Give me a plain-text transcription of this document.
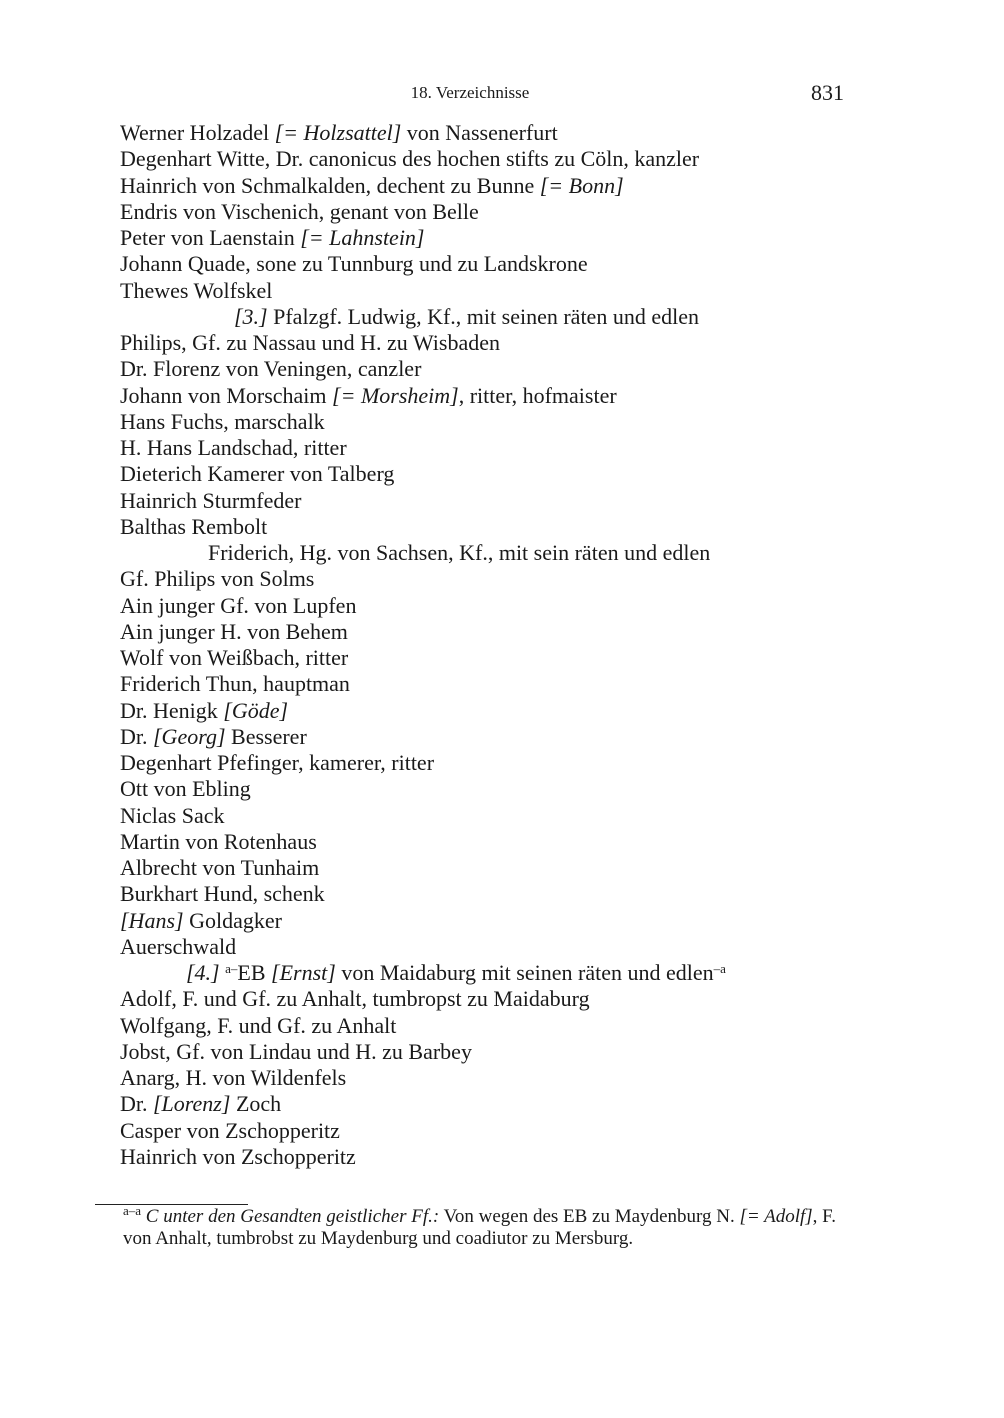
18. Verzeichnisse	831
Werner Holzadel [= Holzsattel] von Nassenerfurt
Degenhart Witte, Dr. canonicus des hochen stifts zu Cöln, kanzler
Hainrich von Schmalkalden, dechent zu Bunne [= Bonn]
Endris von Vischenich, genant von Belle
Peter von Laenstain [= Lahnstein]
Johann Quade, sone zu Tunnburg und zu Landskrone
Thewes Wolfskel
[3.] Pfalzgf. Ludwig, Kf., mit seinen räten und edlen
Philips, Gf. zu Nassau und H. zu Wisbaden
Dr. Florenz von Veningen, canzler
Johann von Morschaim [= Morsheim], ritter, hofmaister
Hans Fuchs, marschalk
H. Hans Landschad, ritter
Dieterich Kamerer von Talberg
Hainrich Sturmfeder
Balthas Rembolt
Friderich, Hg. von Sachsen, Kf., mit sein räten und edlen
Gf. Philips von Solms
Ain junger Gf. von Lupfen
Ain junger H. von Behem
Wolf von Weißbach, ritter
Friderich Thun, hauptman
Dr. Henigk [Göde]
Dr. [Georg] Besserer
Degenhart Pfefinger, kamerer, ritter
Ott von Ebling
Niclas Sack
Martin von Rotenhaus
Albrecht von Tunhaim
Burkhart Hund, schenk
[Hans] Goldagker
Auerschwald
[4.] $^{a-}$EB [Ernst] von Maidaburg mit seinen räten und edlen$^{-a}$
Adolf, F. und Gf. zu Anhalt, tumbropst zu Maidaburg
Wolfgang, F. und Gf. zu Anhalt
Jobst, Gf. von Lindau und H. zu Barbey
Anarg, H. von Wildenfels
Dr. [Lorenz] Zoch
Casper von Zschopperitz
Hainrich von Zschopperitz
$^{a-a}$ C unter den Gesandten geistlicher Ff.: Von wegen des EB zu Maydenburg N. [= Adolf], F. von Anhalt, tumbrobst zu Maydenburg und coadiutor zu Mersburg.
